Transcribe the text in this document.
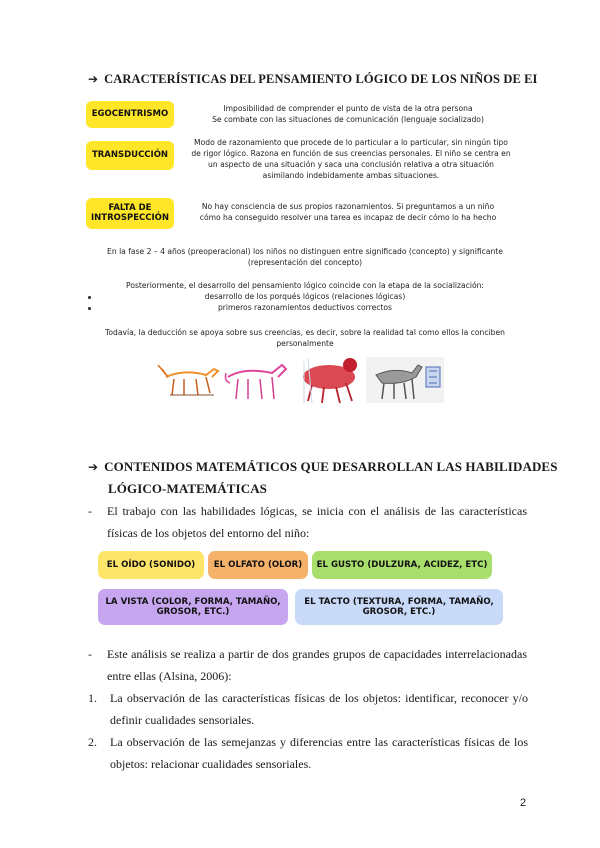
➔ CARACTERÍSTICAS DEL PENSAMIENTO LÓGICO DE LOS NIÑOS DE EI
EGOCENTRISMO
Imposibilidad de comprender el punto de vista de la otra persona
Se combate con las situaciones de comunicación (lenguaje socializado)
TRANSDUCCIÓN
Modo de razonamiento que procede de lo particular a lo particular, sin ningún tipo
de rigor lógico. Razona en función de sus creencias personales. El niño se centra en
un aspecto de una situación y saca una conclusión relativa a otra situación
asimilando indebidamente ambas situaciones.
FALTA DE
INTROSPECCIÓN
No hay consciencia de sus propios razonamientos. Si preguntamos a un niño
cómo ha conseguido resolver una tarea es incapaz de decir cómo lo ha hecho
En la fase 2 – 4 años (preoperacional) los niños no distinguen entre significado (concepto) y significante
(representación del concepto)
Posteriormente, el desarrollo del pensamiento lógico coincide con la etapa de la socialización:
desarrollo de los porqués lógicos (relaciones lógicas)
primeros razonamientos deductivos correctos
Todavía, la deducción se apoya sobre sus creencias, es decir, sobre la realidad tal como ellos la conciben
personalmente
➔ CONTENIDOS MATEMÁTICOS QUE DESARROLLAN LAS HABILIDADES
LÓGICO-MATEMÁTICAS
- El trabajo con las habilidades lógicas, se inicia con el análisis de las características
físicas de los objetos del entorno del niño:
EL OÍDO (SONIDO) EL OLFATO (OLOR) EL GUSTO (DULZURA, ACIDEZ, ETC)
LA VISTA (COLOR, FORMA, TAMAÑO,
GROSOR, ETC.)
EL TACTO (TEXTURA, FORMA, TAMAÑO,
GROSOR, ETC.)
- Este análisis se realiza a partir de dos grandes grupos de capacidades interrelacionadas
entre ellas (Alsina, 2006):
1. La observación de las características físicas de los objetos: identificar, reconocer y/o
definir cualidades sensoriales.
2. La observación de las semejanzas y diferencias entre las características físicas de los
objetos: relacionar cualidades sensoriales.
2
